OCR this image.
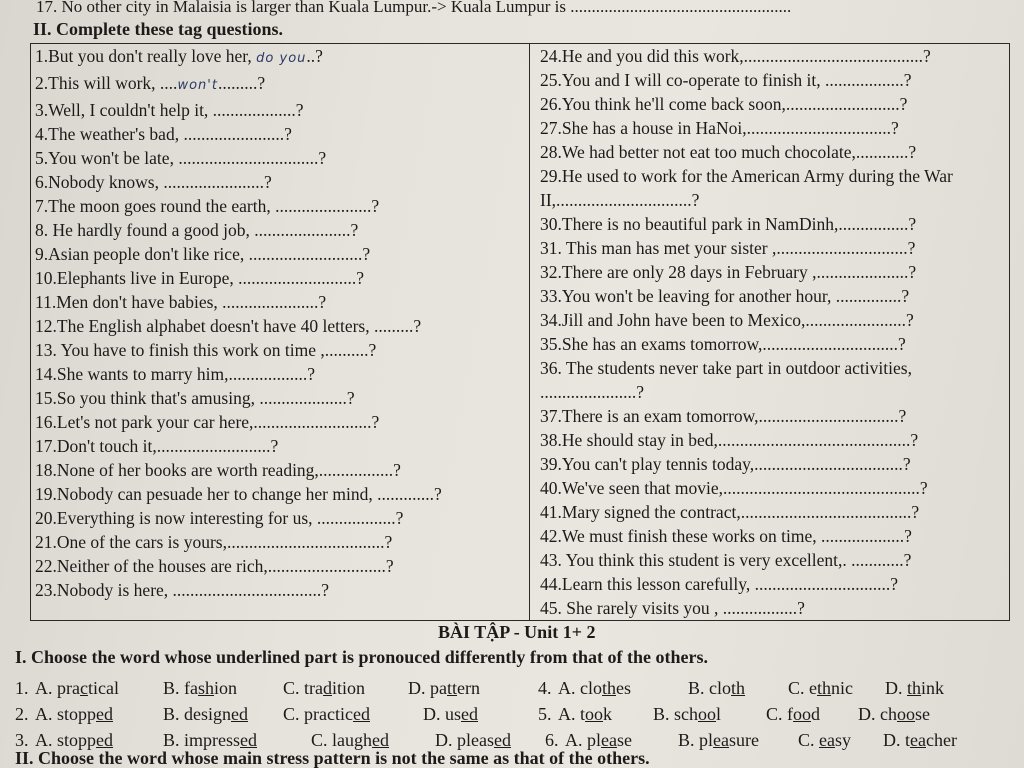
17. No other city in Malaisia is larger than Kuala Lumpur.-> Kuala Lumpur is ....................................................
II. Complete these tag questions.
1.But you don't really love her, do you..?
2.This will work, ....won't.........?
3.Well, I couldn't help it, ...................?
4.The weather's bad, .......................?
5.You won't be late, ................................?
6.Nobody knows, .......................?
7.The moon goes round the earth, ......................?
8. He hardly found a good job, ......................?
9.Asian people don't like rice, ..........................?
10.Elephants live in Europe, ...........................?
11.Men don't have babies, ......................?
12.The English alphabet doesn't have 40 letters, .........?
13. You have to finish this work on time ,..........?
14.She wants to marry him,..................?
15.So you think that's amusing, ....................?
16.Let's not park your car here,...........................?
17.Don't touch it,..........................?
18.None of her books are worth reading,.................?
19.Nobody can pesuade her to change her mind, .............?
20.Everything is now interesting for us, ..................?
21.One of the cars is yours,....................................?
22.Neither of the houses are rich,...........................?
23.Nobody is here, ..................................?

24.He and you did this work,.........................................?
25.You and I will co-operate to finish it, ..................?
26.You think he'll come back soon,..........................?
27.She has a house in HaNoi,.................................?
28.We had better not eat too much chocolate,............?
29.He used to work for the American Army during the War II,...............................?
30.There is no beautiful park in NamDinh,................?
31. This man has met your sister ,..............................?
32.There are only 28 days in February ,.....................?
33.You won't be leaving for another hour, ...............?
34.Jill and John have been to Mexico,.......................?
35.She has an exams tomorrow,...............................?
36. The students never take part in outdoor activities, ......................?
37.There is an exam tomorrow,................................?
38.He should stay in bed,............................................?
39.You can't play tennis today,..................................?
40.We've seen that movie,.............................................?
41.Mary signed the contract,.......................................?
42.We must finish these works on time, ...................?
43. You think this student is very excellent,. ............?
44.Learn this lesson carefully, ...............................?
45. She rarely visits you , .................?
BÀI TẬP - Unit 1+ 2
I. Choose the word whose underlined part is pronouced differently from that of the others.
1. A. practical B. fashion	C. tradition D. pattern	4. A. clothes	B. cloth C. ethnic D. think
2. A. stopped	B. designed C. practiced	D. used	5. A. took B. school C. food D. choose
3. A. stopped	B. impressed	C. laughed	D. pleased 6. A. please	B. pleasure C. easy D. teacher
II. Choose the word whose main stress pattern is not the same as that of the others.
